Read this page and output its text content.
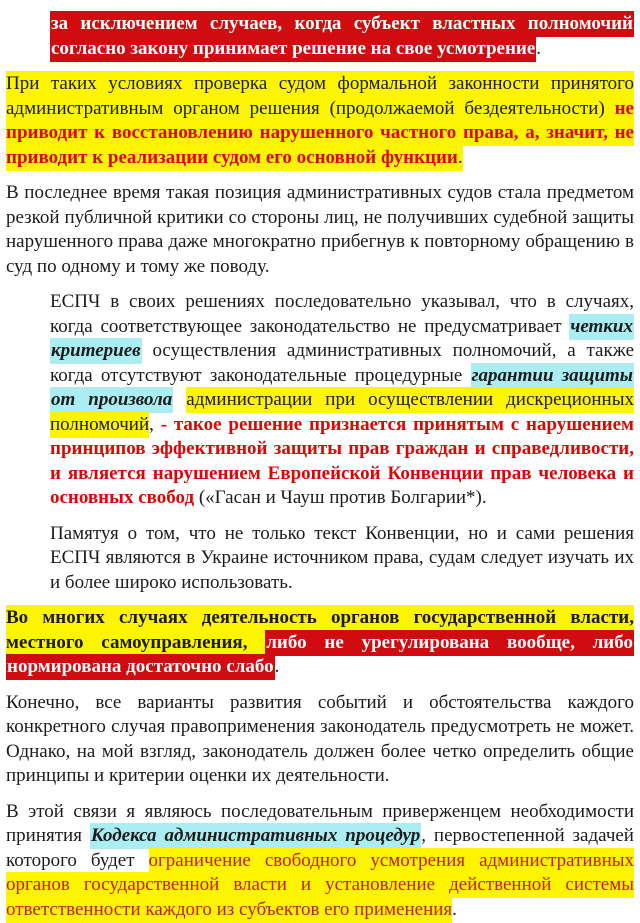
за исключением случаев, когда субъект властных полномочий согласно закону принимает решение на свое усмотрение.

При таких условиях проверка судом формальной законности принятого административным органом решения (продолжаемой бездеятельности) не приводит к восстановлению нарушенного частного права, а, значит, не приводит к реализации судом его основной функции.

В последнее время такая позиция административных судов стала предметом резкой публичной критики со стороны лиц, не получивших судебной защиты нарушенного права даже многократно прибегнув к повторному обращению в суд по одному и тому же поводу.

ЕСПЧ в своих решениях последовательно указывал, что в случаях, когда соответствующее законодательство не предусматривает четких критериев осуществления административных полномочий, а также когда отсутствуют законодательные процедурные гарантии защиты от произвола администрации при осуществлении дискреционных полномочий, - такое решение признается принятым с нарушением принципов эффективной защиты прав граждан и справедливости, и является нарушением Европейской Конвенции прав человека и основных свобод («Гасан и Чауш против Болгарии*).

Памятуя о том, что не только текст Конвенции, но и сами решения ЕСПЧ являются в Украине источником права, судам следует изучать их и более широко использовать.

Во многих случаях деятельность органов государственной власти, местного самоуправления, либо не урегулирована вообще, либо нормирована достаточно слабо.

Конечно, все варианты развития событий и обстоятельства каждого конкретного случая правоприменения законодатель предусмотреть не может. Однако, на мой взгляд, законодатель должен более четко определить общие принципы и критерии оценки их деятельности.

В этой связи я являюсь последовательным приверженцем необходимости принятия Кодекса административных процедур, первостепенной задачей которого будет ограничение свободного усмотрения административных органов государственной власти и установление действенной системы ответственности каждого из субъектов его применения.
